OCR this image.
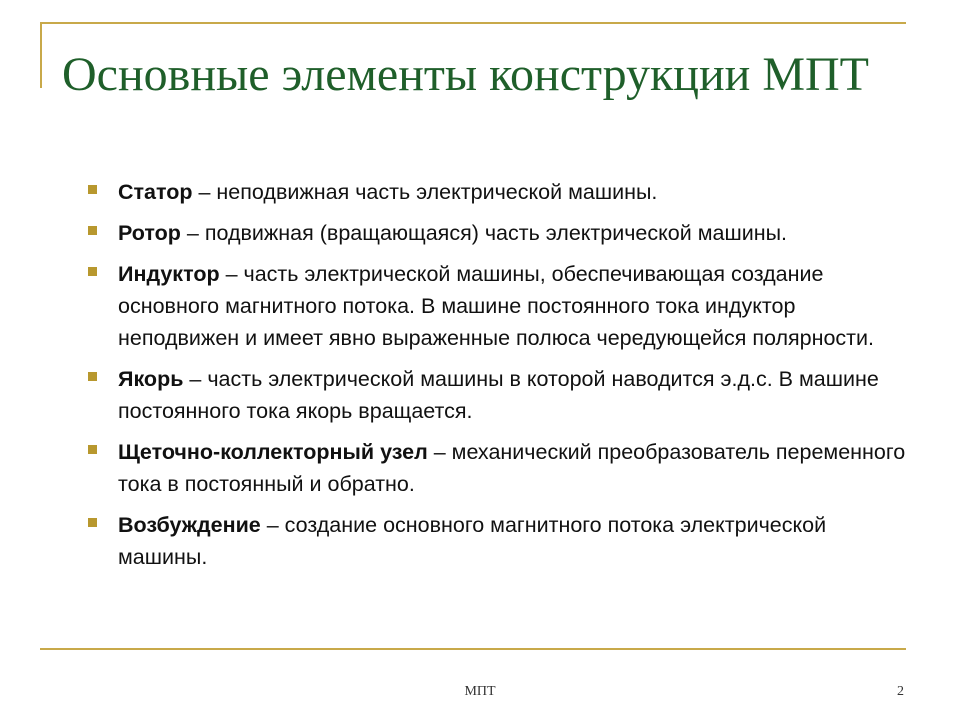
Основные элементы конструкции МПТ
Статор – неподвижная часть электрической машины.
Ротор – подвижная (вращающаяся) часть электрической машины.
Индуктор – часть электрической машины, обеспечивающая создание основного магнитного потока. В машине постоянного тока индуктор неподвижен и имеет явно выраженные полюса чередующейся полярности.
Якорь – часть электрической машины в которой наводится э.д.с. В машине постоянного тока якорь вращается.
Щеточно-коллекторный узел – механический преобразователь переменного тока в постоянный и обратно.
Возбуждение – создание основного магнитного потока электрической машины.
МПТ	2
